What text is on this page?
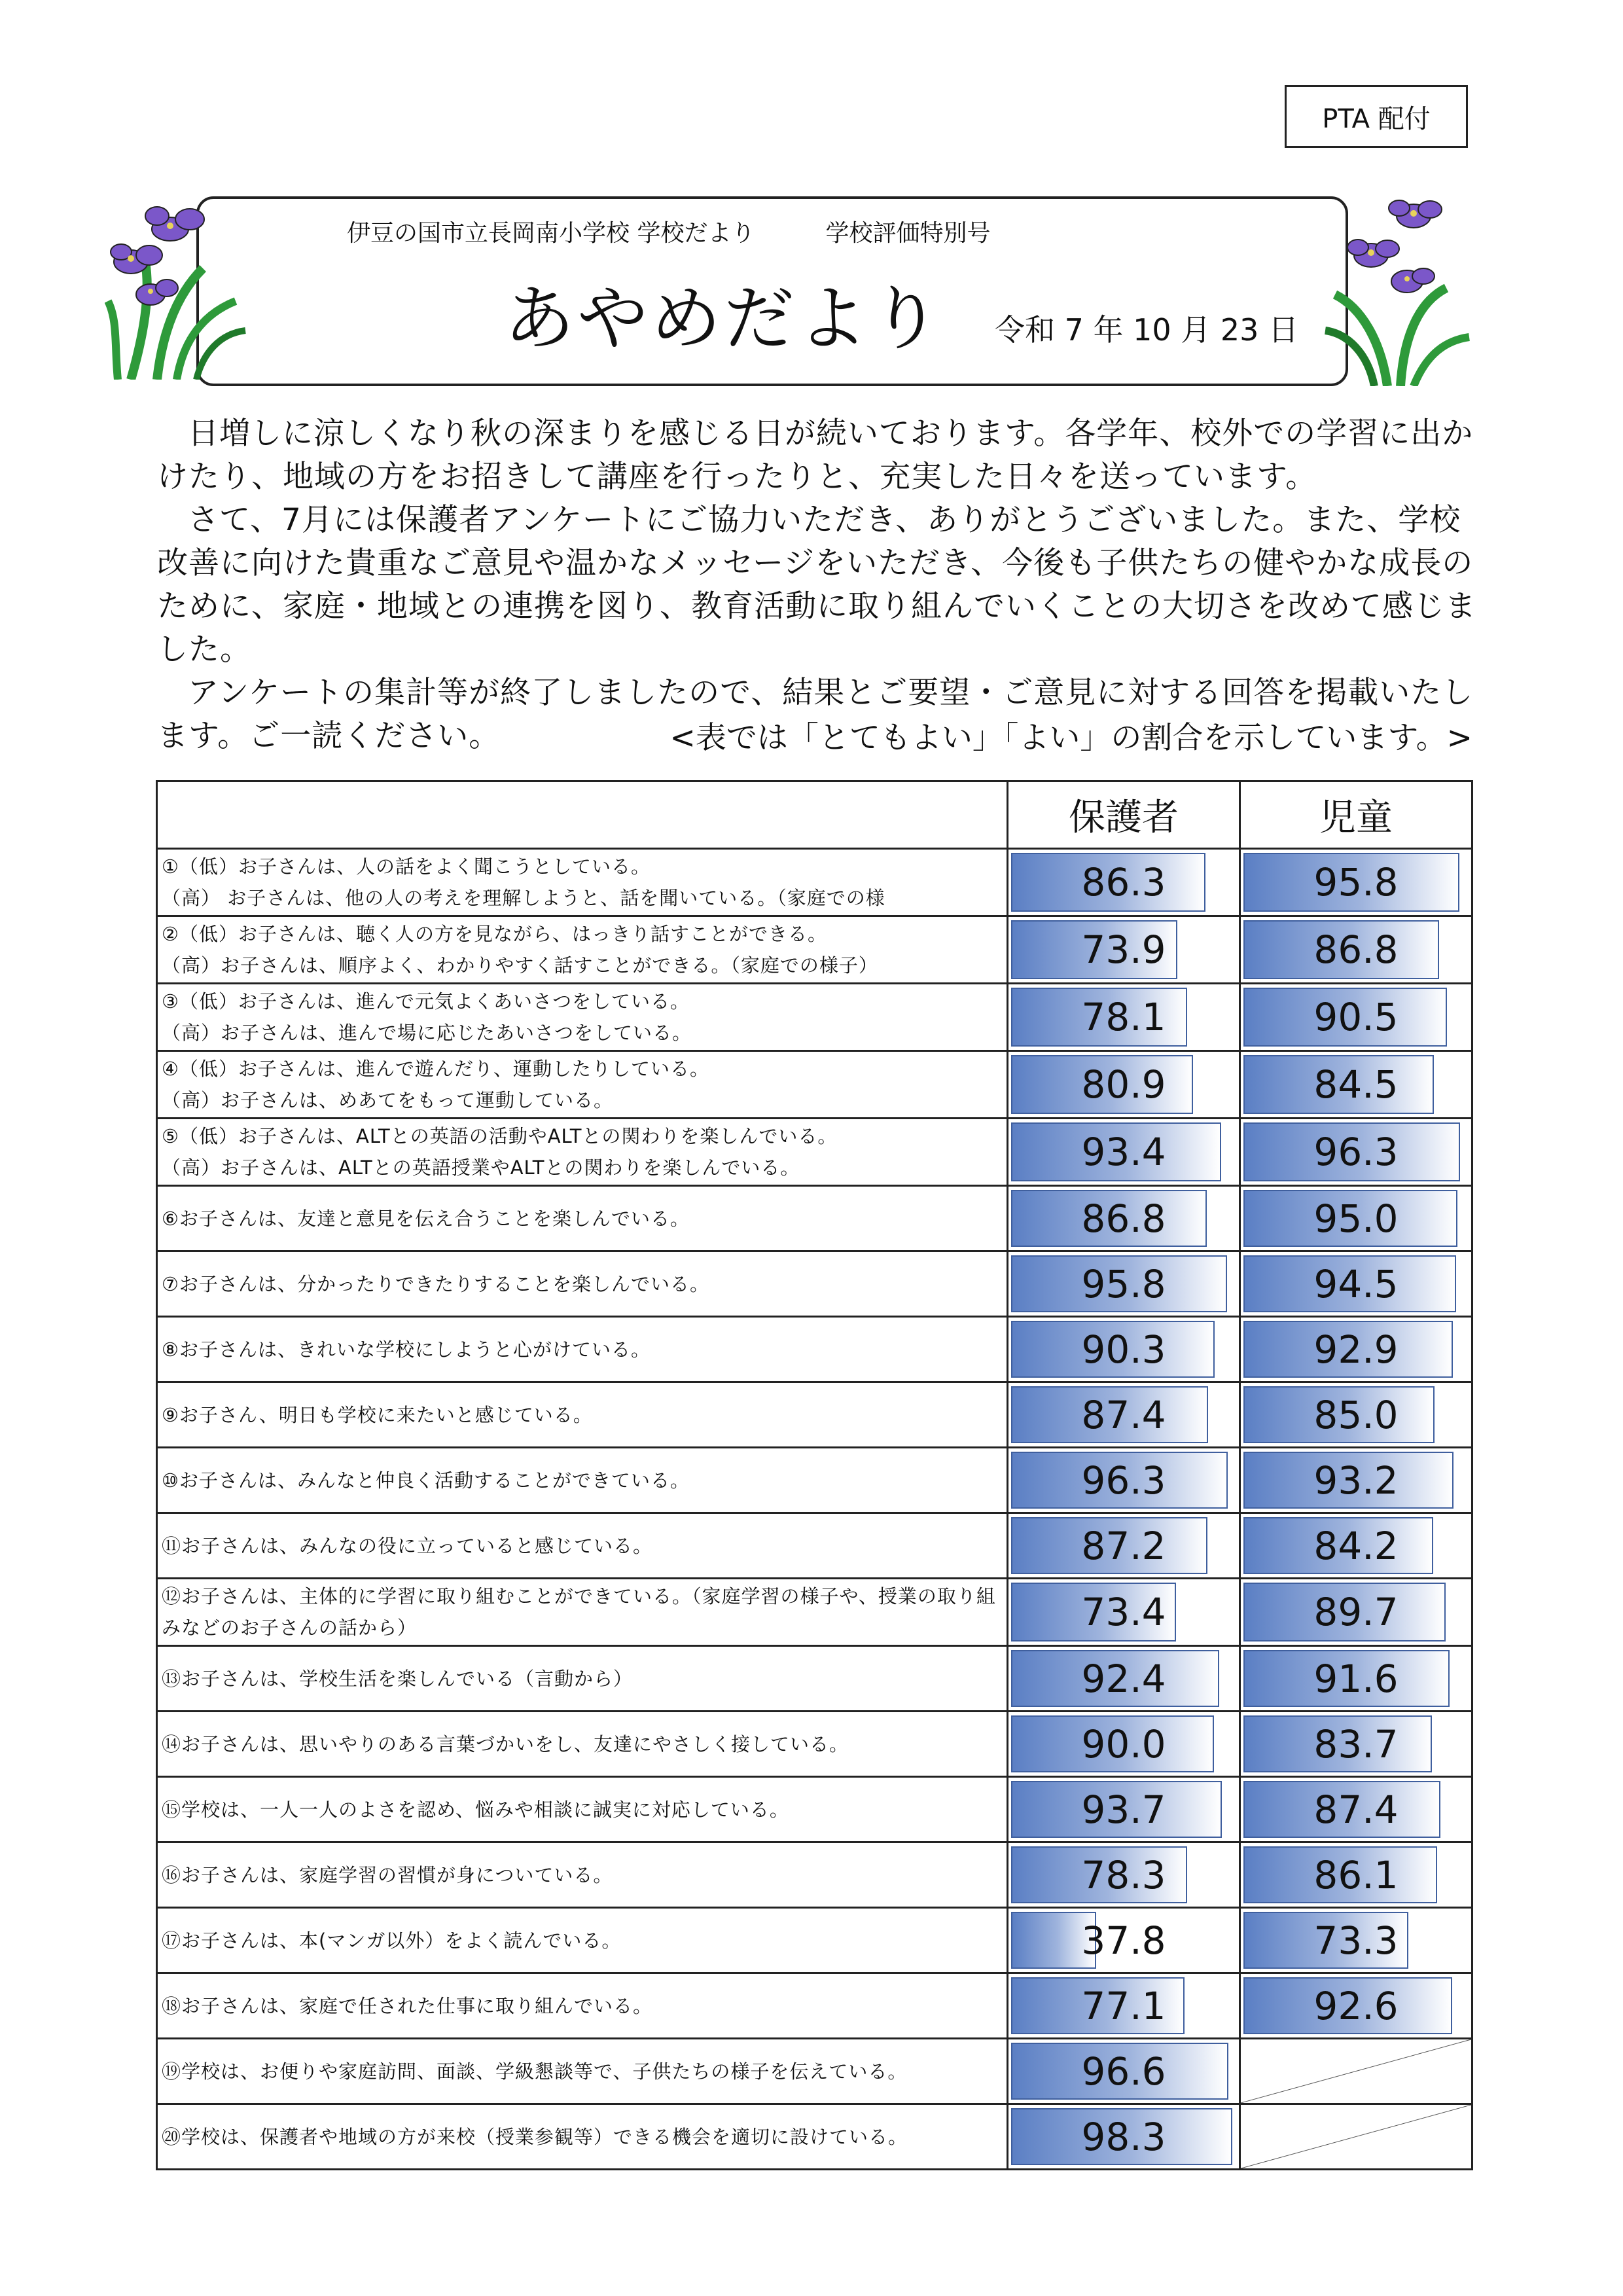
PTA 配付
伊豆の国市立長岡南小学校 学校だより　　　学校評価特別号
あやめだより 令和 7 年 10 月 23 日

日増しに涼しくなり秋の深まりを感じる日が続いております。各学年、校外での学習に出かけたり、地域の方をお招きして講座を行ったりと、充実した日々を送っています。

さて、7月には保護者アンケートにご協力いただき、ありがとうございました。また、学校改善に向けた貴重なご意見や温かなメッセージをいただき、今後も子供たちの健やかな成長のために、家庭・地域との連携を図り、教育活動に取り組んでいくことの大切さを改めて感じました。

アンケートの集計等が終了しましたので、結果とご要望・ご意見に対する回答を掲載いたします。ご一読ください。	<表では「とてもよい」「よい」の割合を示しています。>
	保護者	児童

①（低）お子さんは、人の話をよく聞こうとしている。
（高） お子さんは、他の人の考えを理解しようと、話を聞いている。（家庭での様	86.3	95.8

②（低）お子さんは、聴く人の方を見ながら、はっきり話すことができる。
（高）お子さんは、順序よく、わかりやすく話すことができる。（家庭での様子）	73.9	86.8

③（低）お子さんは、進んで元気よくあいさつをしている。
（高）お子さんは、進んで場に応じたあいさつをしている。	78.1	90.5

④（低）お子さんは、進んで遊んだり、運動したりしている。
（高）お子さんは、めあてをもって運動している。	80.9	84.5

⑤（低）お子さんは、ALTとの英語の活動やALTとの関わりを楽しんでいる。
（高）お子さんは、ALTとの英語授業やALTとの関わりを楽しんでいる。	93.4	96.3

⑥お子さんは、友達と意見を伝え合うことを楽しんでいる。	86.8	95.0

⑦お子さんは、分かったりできたりすることを楽しんでいる。	95.8	94.5

⑧お子さんは、きれいな学校にしようと心がけている。	90.3	92.9

⑨お子さん、明日も学校に来たいと感じている。	87.4	85.0

⑩お子さんは、みんなと仲良く活動することができている。	96.3	93.2

⑪お子さんは、みんなの役に立っていると感じている。	87.2	84.2

⑫お子さんは、主体的に学習に取り組むことができている。（家庭学習の様子や、授業の取り組みなどのお子さんの話から）	73.4	89.7

⑬お子さんは、学校生活を楽しんでいる（言動から）	92.4	91.6

⑭お子さんは、思いやりのある言葉づかいをし、友達にやさしく接している。	90.0	83.7

⑮学校は、一人一人のよさを認め、悩みや相談に誠実に対応している。	93.7	87.4

⑯お子さんは、家庭学習の習慣が身についている。	78.3	86.1

⑰お子さんは、本(マンガ以外）をよく読んでいる。	37.8	73.3

⑱お子さんは、家庭で任された仕事に取り組んでいる。	77.1	92.6

⑲学校は、お便りや家庭訪問、面談、学級懇談等で、子供たちの様子を伝えている。	96.6

⑳学校は、保護者や地域の方が来校（授業参観等）できる機会を適切に設けている。	98.3
